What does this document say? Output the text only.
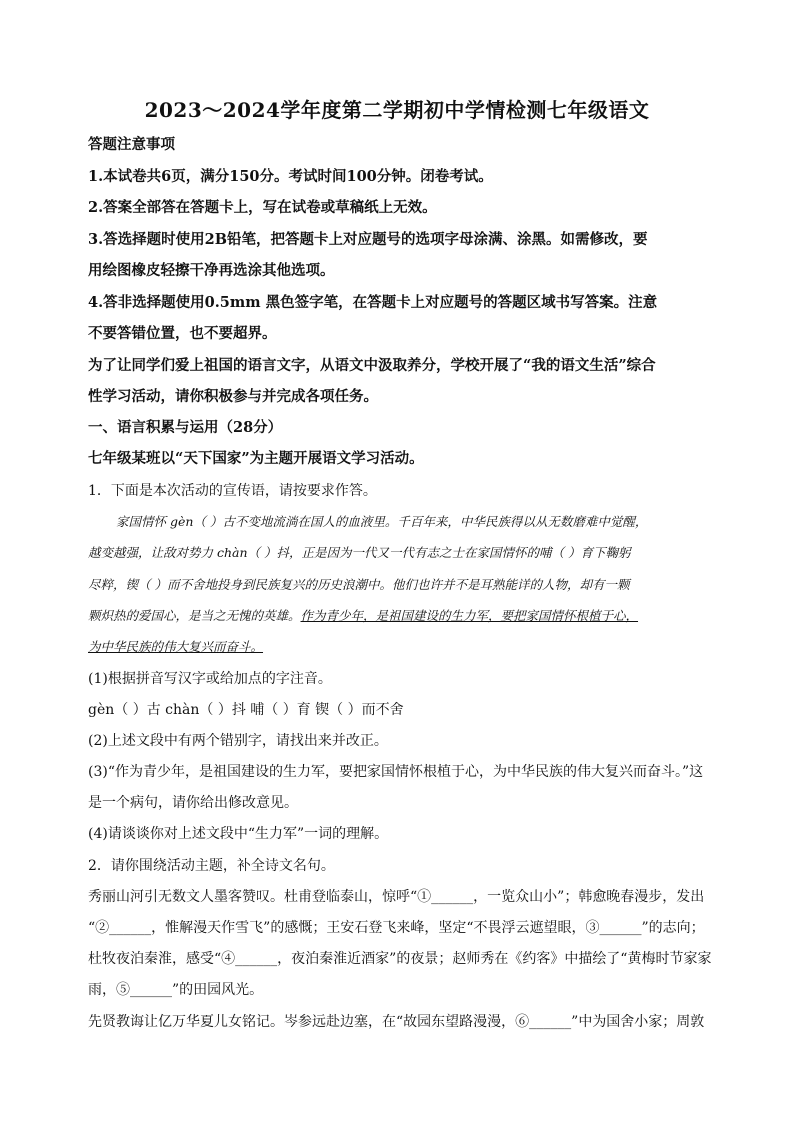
2023～2024学年度第二学期初中学情检测七年级语文
答题注意事项
1.本试卷共6页，满分150分。考试时间100分钟。闭卷考试。
2.答案全部答在答题卡上，写在试卷或草稿纸上无效。
3.答选择题时使用2B铅笔，把答题卡上对应题号的选项字母涂满、涂黑。如需修改，要
用绘图橡皮轻擦干净再选涂其他选项。
4.答非选择题使用0.5mm 黑色签字笔，在答题卡上对应题号的答题区域书写答案。注意
不要答错位置，也不要超界。
为了让同学们爱上祖国的语言文字，从语文中汲取养分，学校开展了“我的语文生活”综合
性学习活动，请你积极参与并完成各项任务。
一、语言积累与运用（28分）
七年级某班以“天下国家”为主题开展语文学习活动。
1．下面是本次活动的宣传语，请按要求作答。
家国情怀 gèn（ ）古不变地流淌在国人的血液里。千百年来，中华民族得以从无数磨难中觉醒，
越变越强，让敌对势力 chàn（ ）抖，正是因为一代又一代有志之士在家国情怀的哺（ ）育下鞠躬
尽粹，锲（ ）而不舍地投身到民族复兴的历史浪潮中。他们也许并不是耳熟能详的人物，却有一颗
颗炽热的爱国心，是当之无愧的英雄。作为青少年，是祖国建设的生力军，要把家国情怀根植于心，
为中华民族的伟大复兴而奋斗。
(1)根据拼音写汉字或给加点的字注音。
gèn（ ）古 chàn（ ）抖 哺（ ）育 锲（ ）而不舍
(2)上述文段中有两个错别字，请找出来并改正。
(3)“作为青少年，是祖国建设的生力军，要把家国情怀根植于心，为中华民族的伟大复兴而奋斗。”这
是一个病句，请你给出修改意见。
(4)请谈谈你对上述文段中“生力军”一词的理解。
2．请你围绕活动主题，补全诗文名句。
秀丽山河引无数文人墨客赞叹。杜甫登临泰山，惊呼“①______，一览众山小”；韩愈晚春漫步，发出
“②______，惟解漫天作雪飞”的感慨；王安石登飞来峰，坚定“不畏浮云遮望眼，③______”的志向；
杜牧夜泊秦淮，感受“④______，夜泊秦淮近酒家”的夜景；赵师秀在《约客》中描绘了“黄梅时节家家
雨，⑤______”的田园风光。
先贤教诲让亿万华夏儿女铭记。岑参远赴边塞，在“故园东望路漫漫，⑥______”中为国舍小家；周敦
